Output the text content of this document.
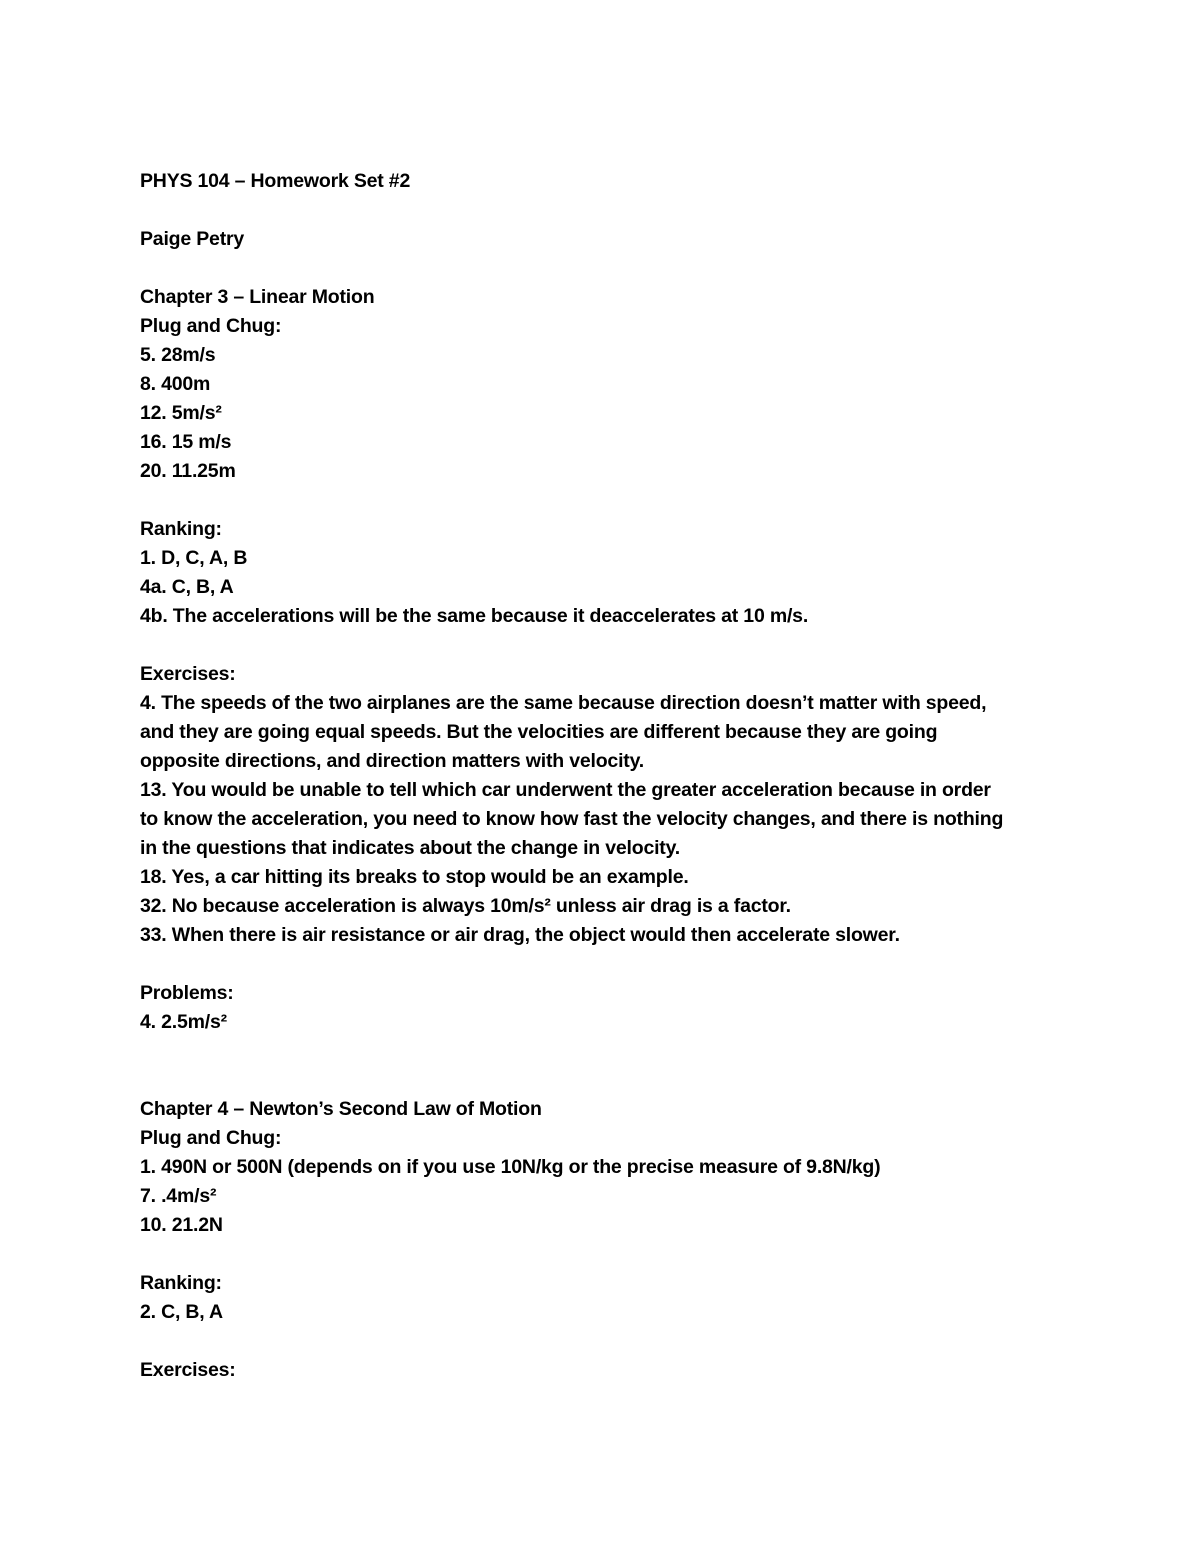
PHYS 104 – Homework Set #2
Paige Petry
Chapter 3 – Linear Motion
Plug and Chug:
5. 28m/s
8. 400m
12. 5m/s²
16. 15 m/s
20. 11.25m
Ranking:
1. D, C, A, B
4a. C, B, A
4b. The accelerations will be the same because it deaccelerates at 10 m/s.
Exercises:
4. The speeds of the two airplanes are the same because direction doesn’t matter with speed,
and they are going equal speeds. But the velocities are different because they are going
opposite directions, and direction matters with velocity.
13. You would be unable to tell which car underwent the greater acceleration because in order
to know the acceleration, you need to know how fast the velocity changes, and there is nothing
in the questions that indicates about the change in velocity.
18. Yes, a car hitting its breaks to stop would be an example.
32. No because acceleration is always 10m/s² unless air drag is a factor.
33. When there is air resistance or air drag, the object would then accelerate slower.
Problems:
4. 2.5m/s²
Chapter 4 – Newton’s Second Law of Motion
Plug and Chug:
1. 490N or 500N (depends on if you use 10N/kg or the precise measure of 9.8N/kg)
7. .4m/s²
10. 21.2N
Ranking:
2. C, B, A
Exercises:
